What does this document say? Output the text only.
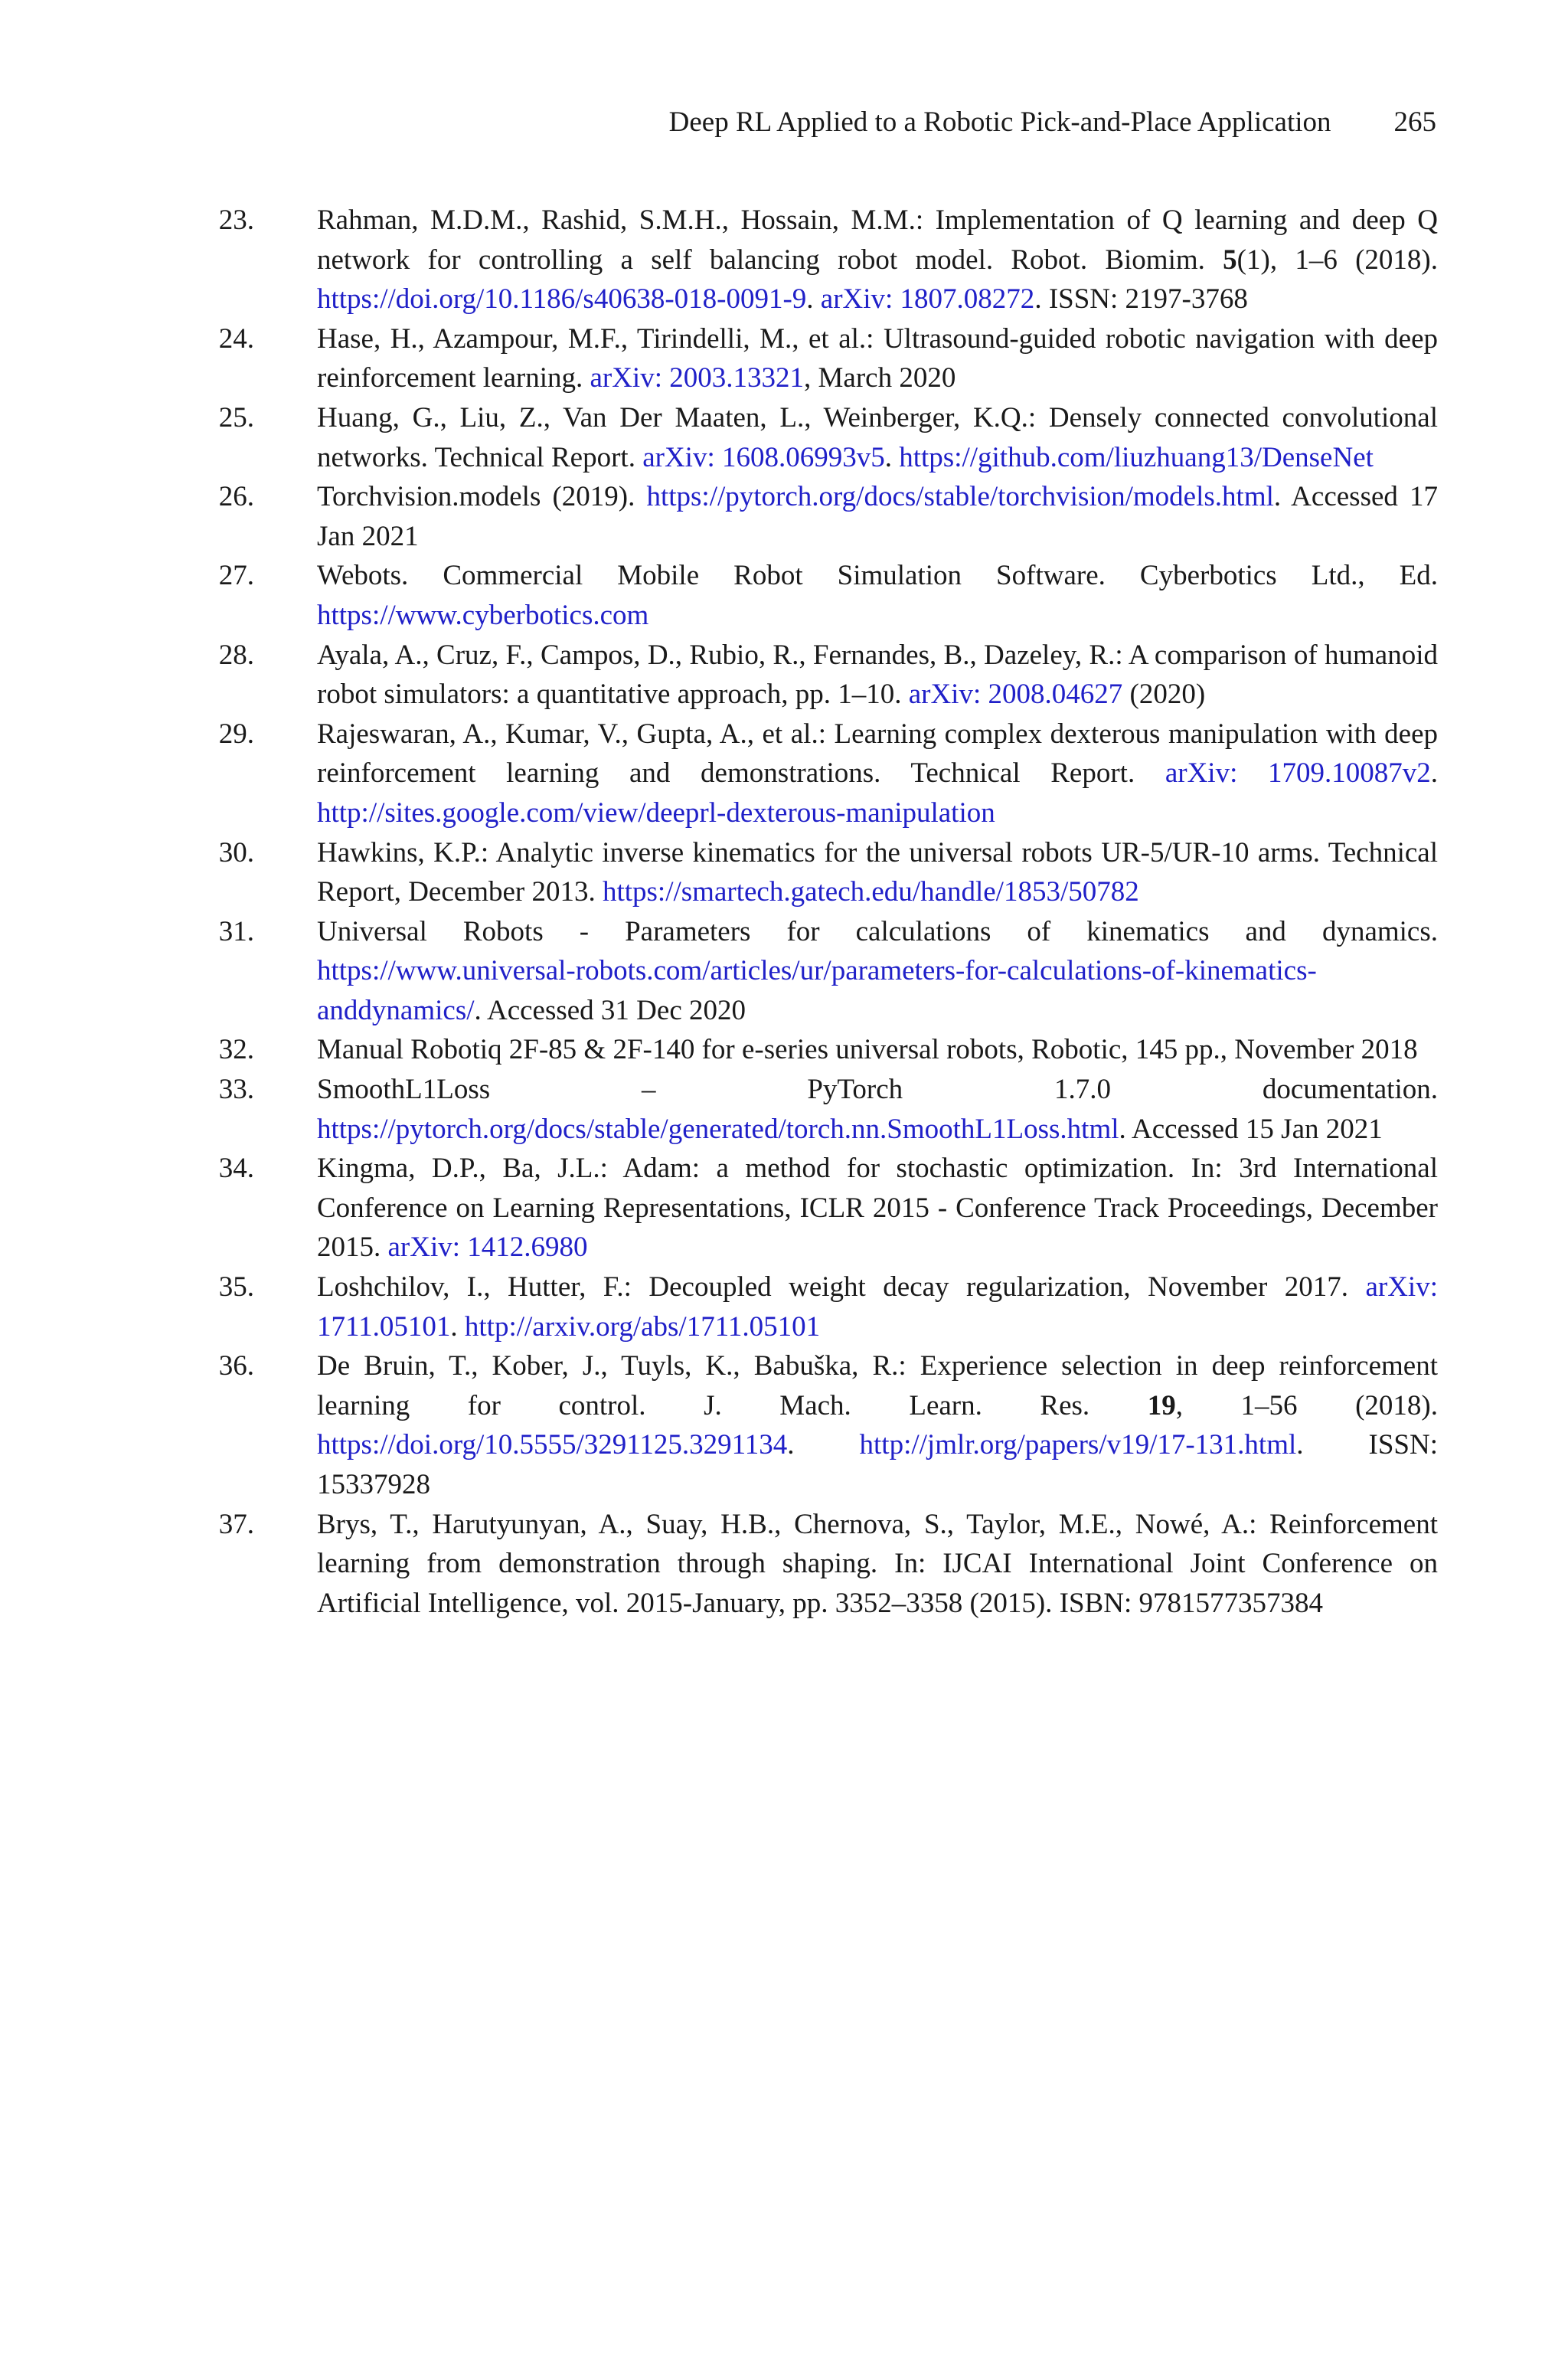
Deep RL Applied to a Robotic Pick-and-Place Application 265
23. Rahman, M.D.M., Rashid, S.M.H., Hossain, M.M.: Implementation of Q learning and deep Q network for controlling a self balancing robot model. Robot. Biomim. 5(1), 1–6 (2018). https://doi.org/10.1186/s40638-018-0091-9. arXiv: 1807.08272. ISSN: 2197-3768
24. Hase, H., Azampour, M.F., Tirindelli, M., et al.: Ultrasound-guided robotic navigation with deep reinforcement learning. arXiv: 2003.13321, March 2020
25. Huang, G., Liu, Z., Van Der Maaten, L., Weinberger, K.Q.: Densely connected convolutional networks. Technical Report. arXiv: 1608.06993v5. https://github.com/liuzhuang13/DenseNet
26. Torchvision.models (2019). https://pytorch.org/docs/stable/torchvision/models.html. Accessed 17 Jan 2021
27. Webots. Commercial Mobile Robot Simulation Software. Cyberbotics Ltd., Ed. https://www.cyberbotics.com
28. Ayala, A., Cruz, F., Campos, D., Rubio, R., Fernandes, B., Dazeley, R.: A comparison of humanoid robot simulators: a quantitative approach, pp. 1–10. arXiv: 2008.04627 (2020)
29. Rajeswaran, A., Kumar, V., Gupta, A., et al.: Learning complex dexterous manipulation with deep reinforcement learning and demonstrations. Technical Report. arXiv: 1709.10087v2. http://sites.google.com/view/deeprl-dexterous-manipulation
30. Hawkins, K.P.: Analytic inverse kinematics for the universal robots UR-5/UR-10 arms. Technical Report, December 2013. https://smartech.gatech.edu/handle/1853/50782
31. Universal Robots - Parameters for calculations of kinematics and dynamics. https://www.universal-robots.com/articles/ur/parameters-for-calculations-of-kinematics-anddynamics/. Accessed 31 Dec 2020
32. Manual Robotiq 2F-85 & 2F-140 for e-series universal robots, Robotic, 145 pp., November 2018
33. SmoothL1Loss – PyTorch 1.7.0 documentation. https://pytorch.org/docs/stable/generated/torch.nn.SmoothL1Loss.html. Accessed 15 Jan 2021
34. Kingma, D.P., Ba, J.L.: Adam: a method for stochastic optimization. In: 3rd International Conference on Learning Representations, ICLR 2015 - Conference Track Proceedings, December 2015. arXiv: 1412.6980
35. Loshchilov, I., Hutter, F.: Decoupled weight decay regularization, November 2017. arXiv: 1711.05101. http://arxiv.org/abs/1711.05101
36. De Bruin, T., Kober, J., Tuyls, K., Babuška, R.: Experience selection in deep reinforcement learning for control. J. Mach. Learn. Res. 19, 1–56 (2018). https://doi.org/10.5555/3291125.3291134. http://jmlr.org/papers/v19/17-131.html. ISSN: 15337928
37. Brys, T., Harutyunyan, A., Suay, H.B., Chernova, S., Taylor, M.E., Nowé, A.: Reinforcement learning from demonstration through shaping. In: IJCAI International Joint Conference on Artificial Intelligence, vol. 2015-January, pp. 3352–3358 (2015). ISBN: 9781577357384
